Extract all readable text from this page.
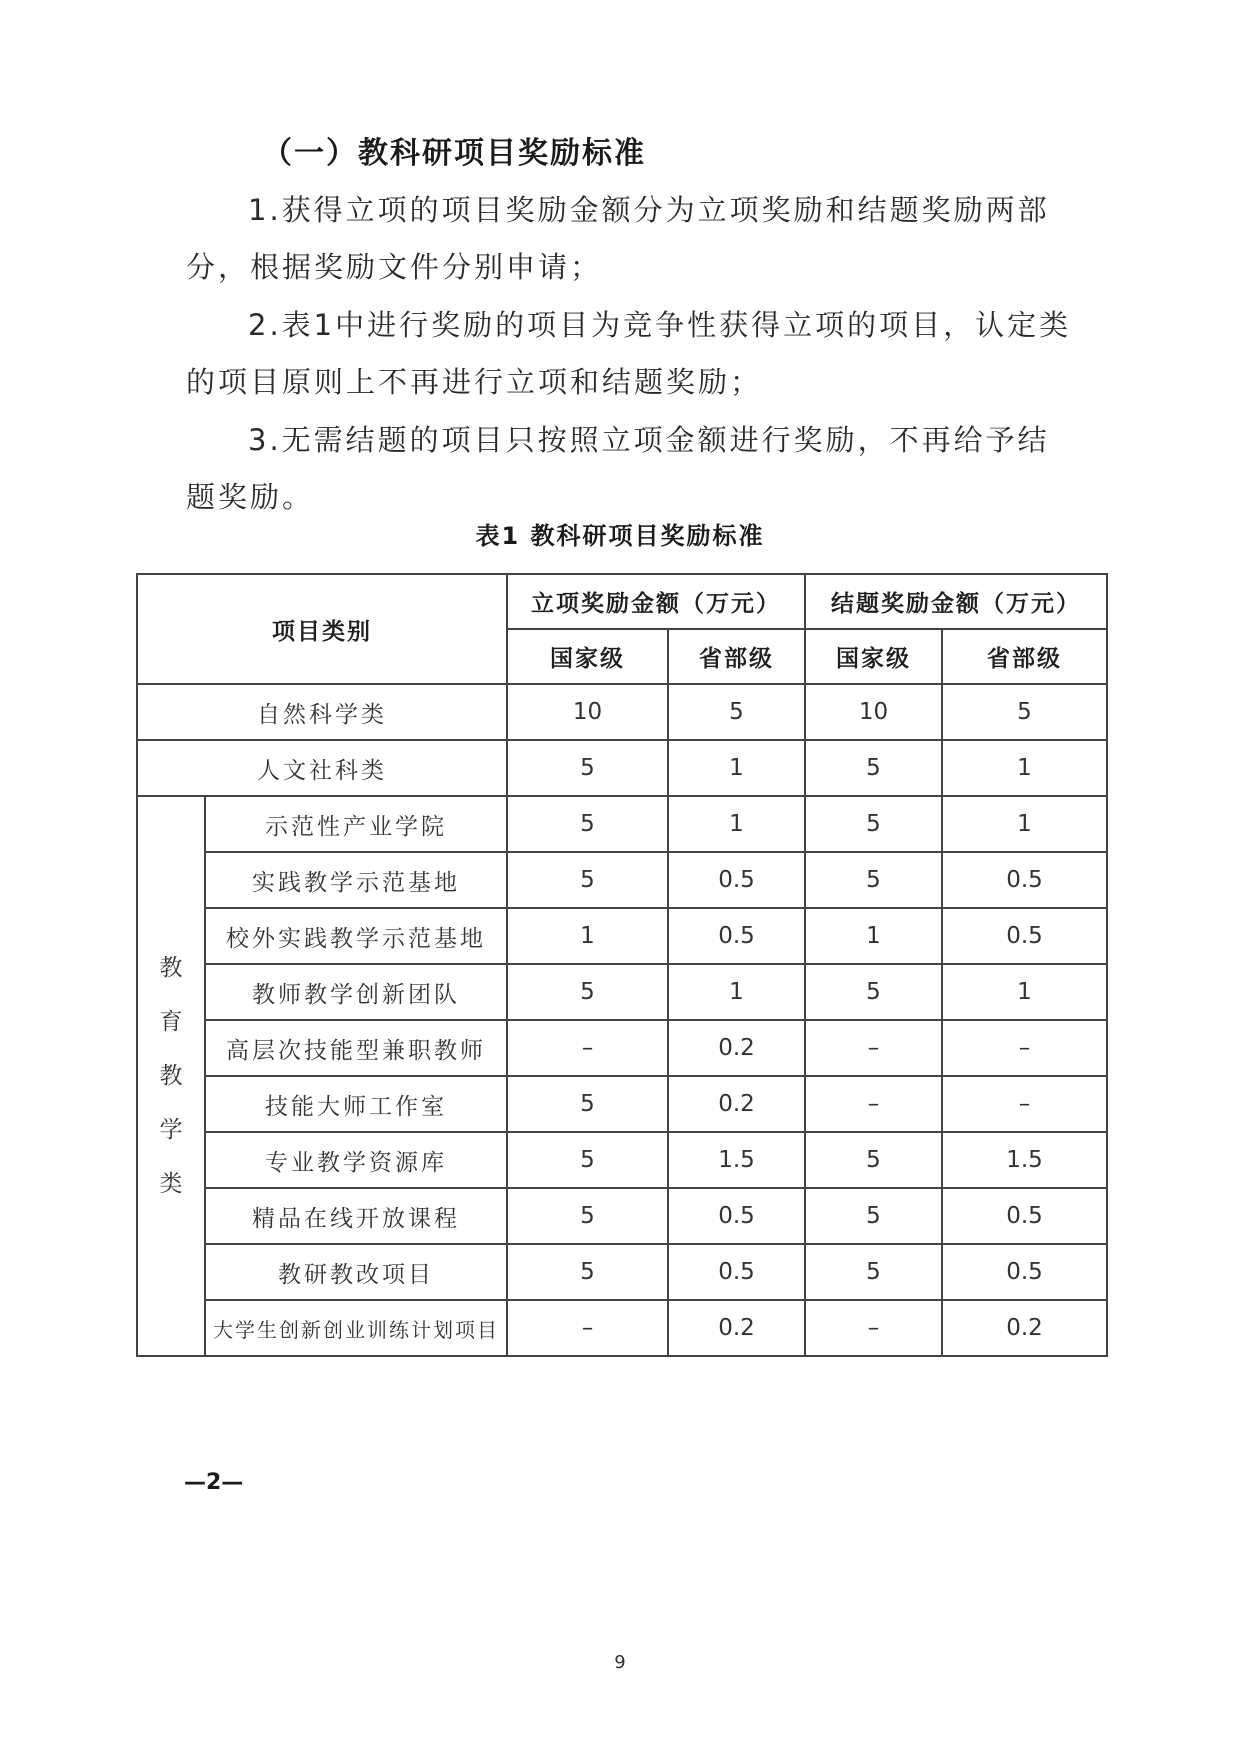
（一）教科研项目奖励标准

1.获得立项的项目奖励金额分为立项奖励和结题奖励两部分，根据奖励文件分别申请；

2.表1中进行奖励的项目为竞争性获得立项的项目，认定类的项目原则上不再进行立项和结题奖励；

3.无需结题的项目只按照立项金额进行奖励，不再给予结题奖励。

表1 教科研项目奖励标准

项目类别		立项奖励金额（万元）		结题奖励金额（万元）	
		国家级	省部级	国家级	省部级
自然科学类		10	5	10	5
人文社科类		5	1	5	1

教
育
教
学
类	示范性产业学院	5	1	5	1
	实践教学示范基地	5	0.5	5	0.5
	校外实践教学示范基地	1	0.5	1	0.5
	教师教学创新团队	5	1	5	1
	高层次技能型兼职教师	–	0.2	–	–
	技能大师工作室	5	0.2	–	–
	专业教学资源库	5	1.5	5	1.5
	精品在线开放课程	5	0.5	5	0.5
	教研教改项目	5	0.5	5	0.5
	大学生创新创业训练计划项目	–	0.2	–	0.2

—2—

9
